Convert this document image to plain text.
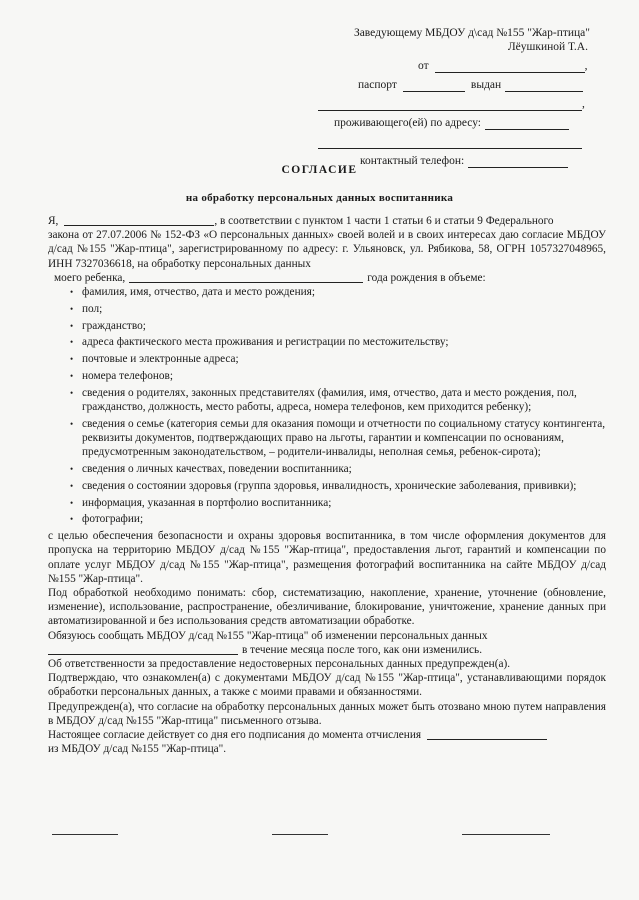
Заведующему МБДОУ д\сад №155 "Жар-птица"
Лёушкиной Т.А.
от	,
паспорт	выдан
,
проживающего(ей) по адресу:
контактный телефон:
СОГЛАСИЕ
на обработку персональных данных воспитанника
Я,	, в соответствии с пунктом 1 части 1 статьи 6 и статьи 9 Федерального

закона от 27.07.2006 № 152-ФЗ «О персональных данных» своей волей и в своих интересах даю согласие МБДОУ д/сад №155 "Жар-птица", зарегистрированному по адресу: г. Ульяновск, ул. Рябикова, 58, ОГРН 1057327048965, ИНН 7327036618, на обработку персональных данных

моего ребенка,	года рождения в объеме:
• фамилия, имя, отчество, дата и место рождения;
• пол;
• гражданство;
• адреса фактического места проживания и регистрации по местожительству;
• почтовые и электронные адреса;
• номера телефонов;
• сведения о родителях, законных представителях (фамилия, имя, отчество, дата и место рождения, пол, гражданство, должность, место работы, адреса, номера телефонов, кем приходится ребенку);
• сведения о семье (категория семьи для оказания помощи и отчетности по социальному статусу контингента, реквизиты документов, подтверждающих право на льготы, гарантии и компенсации по основаниям, предусмотренным законодательством, – родители-инвалиды, неполная семья, ребенок-сирота);
• сведения о личных качествах, поведении воспитанника;
• сведения о состоянии здоровья (группа здоровья, инвалидность, хронические заболевания, прививки);
• информация, указанная в портфолио воспитанника;
• фотографии;

с целью обеспечения безопасности и охраны здоровья воспитанника, в том числе оформления документов для пропуска на территорию МБДОУ д/сад №155 "Жар-птица", предоставления льгот, гарантий и компенсации по оплате услуг МБДОУ д/сад №155 "Жар-птица", размещения фотографий воспитанника на сайте МБДОУ д/сад №155 "Жар-птица".

Под обработкой необходимо понимать: сбор, систематизацию, накопление, хранение, уточнение (обновление, изменение), использование, распространение, обезличивание, блокирование, уничтожение, хранение данных при автоматизированной и без использования средств автоматизации обработке.

Обязуюсь сообщать МБДОУ д/сад №155 "Жар-птица" об изменении персональных данных

в течение месяца после того, как они изменились.

Об ответственности за предоставление недостоверных персональных данных предупрежден(а).

Подтверждаю, что ознакомлен(а) с документами МБДОУ д/сад №155 "Жар-птица", устанавливающими порядок обработки персональных данных, а также с моими правами и обязанностями.

Предупрежден(а), что согласие на обработку персональных данных может быть отозвано мною путем направления в МБДОУ д/сад №155 "Жар-птица" письменного отзыва.

Настоящее согласие действует со дня его подписания до момента отчисления

из МБДОУ д/сад №155 "Жар-птица".
